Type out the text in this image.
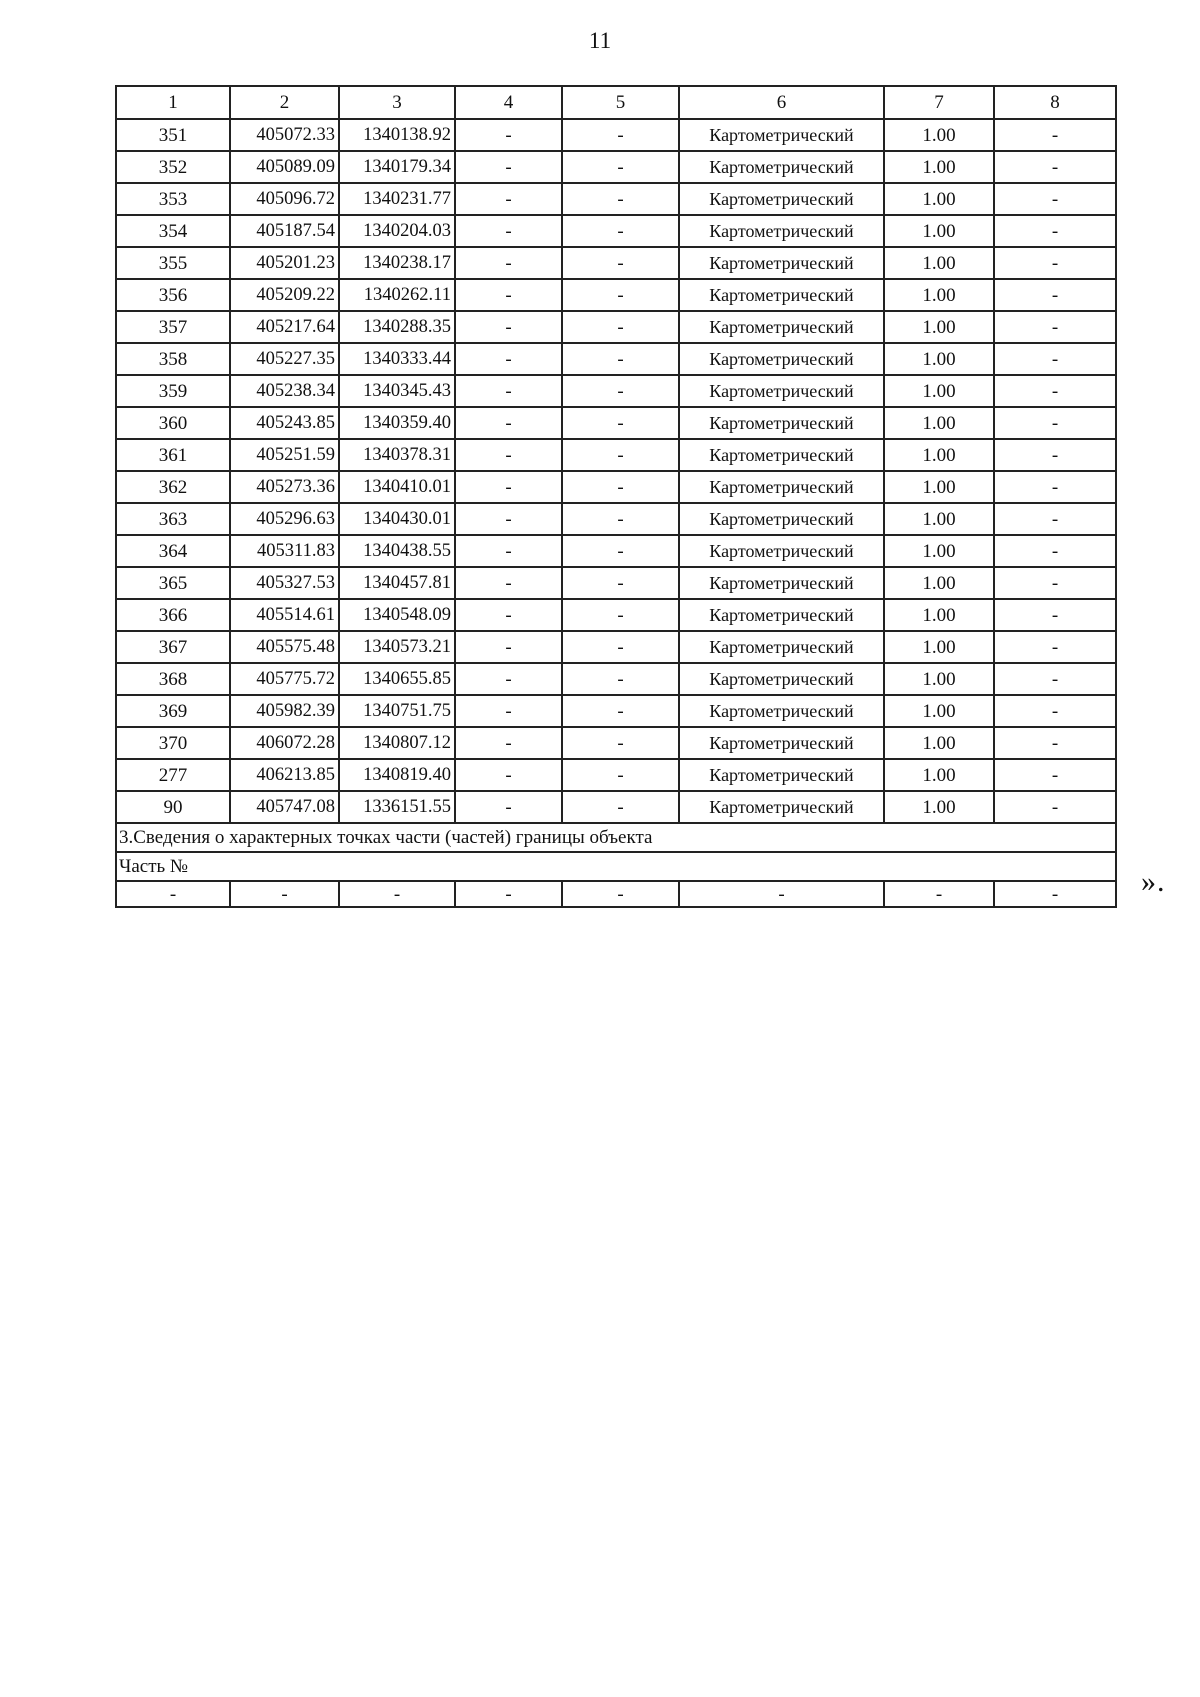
11
1	2	3	4	5	6	7	8
351	405072.33	1340138.92	-	-	Картометрический	1.00	-
352	405089.09	1340179.34	-	-	Картометрический	1.00	-
353	405096.72	1340231.77	-	-	Картометрический	1.00	-
354	405187.54	1340204.03	-	-	Картометрический	1.00	-
355	405201.23	1340238.17	-	-	Картометрический	1.00	-
356	405209.22	1340262.11	-	-	Картометрический	1.00	-
357	405217.64	1340288.35	-	-	Картометрический	1.00	-
358	405227.35	1340333.44	-	-	Картометрический	1.00	-
359	405238.34	1340345.43	-	-	Картометрический	1.00	-
360	405243.85	1340359.40	-	-	Картометрический	1.00	-
361	405251.59	1340378.31	-	-	Картометрический	1.00	-
362	405273.36	1340410.01	-	-	Картометрический	1.00	-
363	405296.63	1340430.01	-	-	Картометрический	1.00	-
364	405311.83	1340438.55	-	-	Картометрический	1.00	-
365	405327.53	1340457.81	-	-	Картометрический	1.00	-
366	405514.61	1340548.09	-	-	Картометрический	1.00	-
367	405575.48	1340573.21	-	-	Картометрический	1.00	-
368	405775.72	1340655.85	-	-	Картометрический	1.00	-
369	405982.39	1340751.75	-	-	Картометрический	1.00	-
370	406072.28	1340807.12	-	-	Картометрический	1.00	-
277	406213.85	1340819.40	-	-	Картометрический	1.00	-
90	405747.08	1336151.55	-	-	Картометрический	1.00	-
3.Сведения о характерных точках части (частей) границы объекта							
Часть №							
-	-	-	-	-	-	-	-	».
